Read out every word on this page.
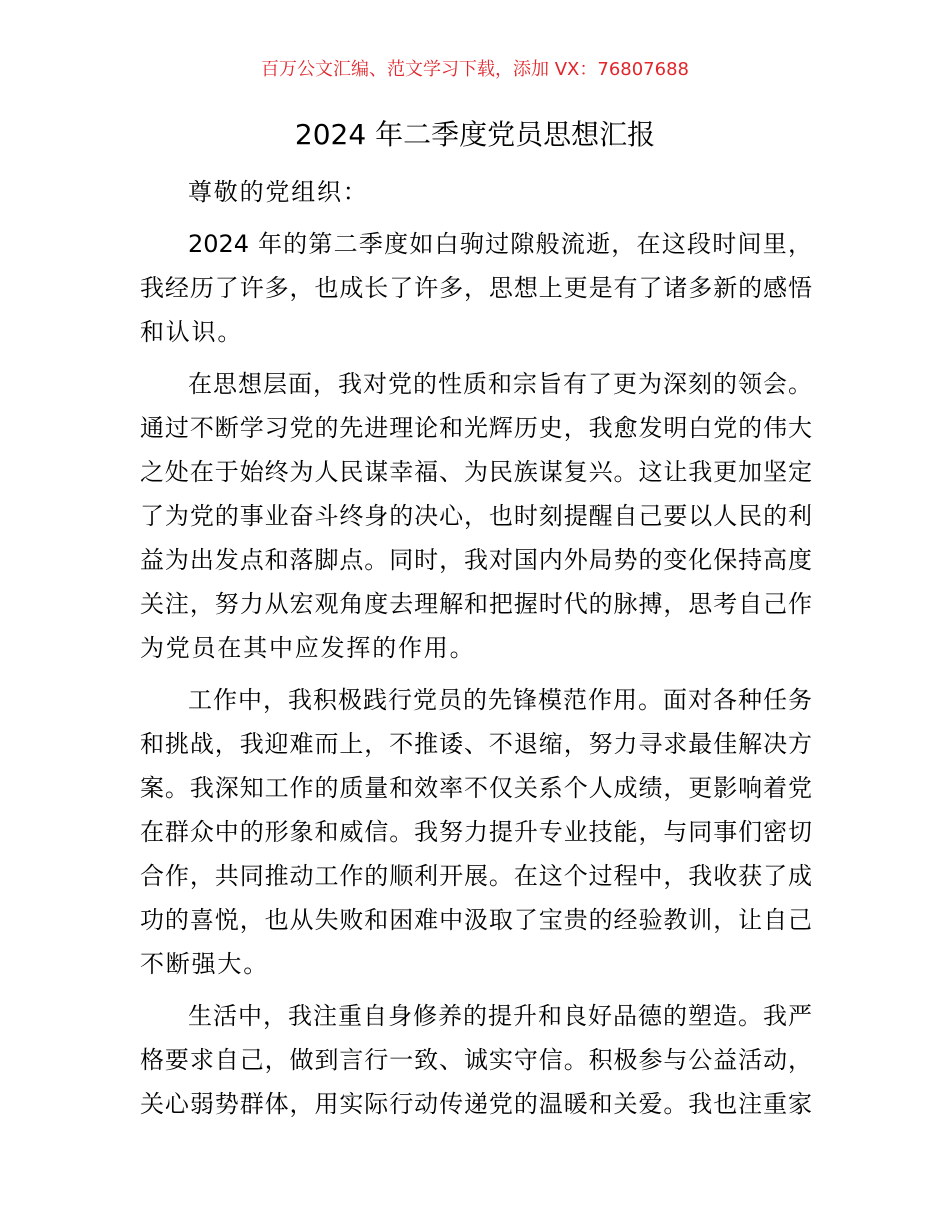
百万公文汇编、范文学习下载，添加 VX：76807688
2024 年二季度党员思想汇报
尊敬的党组织：
2024 年的第二季度如白驹过隙般流逝，在这段时间里，
我经历了许多，也成长了许多，思想上更是有了诸多新的感悟
和认识。
在思想层面，我对党的性质和宗旨有了更为深刻的领会。
通过不断学习党的先进理论和光辉历史，我愈发明白党的伟大
之处在于始终为人民谋幸福、为民族谋复兴。这让我更加坚定
了为党的事业奋斗终身的决心，也时刻提醒自己要以人民的利
益为出发点和落脚点。同时，我对国内外局势的变化保持高度
关注，努力从宏观角度去理解和把握时代的脉搏，思考自己作
为党员在其中应发挥的作用。
工作中，我积极践行党员的先锋模范作用。面对各种任务
和挑战，我迎难而上，不推诿、不退缩，努力寻求最佳解决方
案。我深知工作的质量和效率不仅关系个人成绩，更影响着党
在群众中的形象和威信。我努力提升专业技能，与同事们密切
合作，共同推动工作的顺利开展。在这个过程中，我收获了成
功的喜悦，也从失败和困难中汲取了宝贵的经验教训，让自己
不断强大。
生活中，我注重自身修养的提升和良好品德的塑造。我严
格要求自己，做到言行一致、诚实守信。积极参与公益活动，
关心弱势群体，用实际行动传递党的温暖和关爱。我也注重家
